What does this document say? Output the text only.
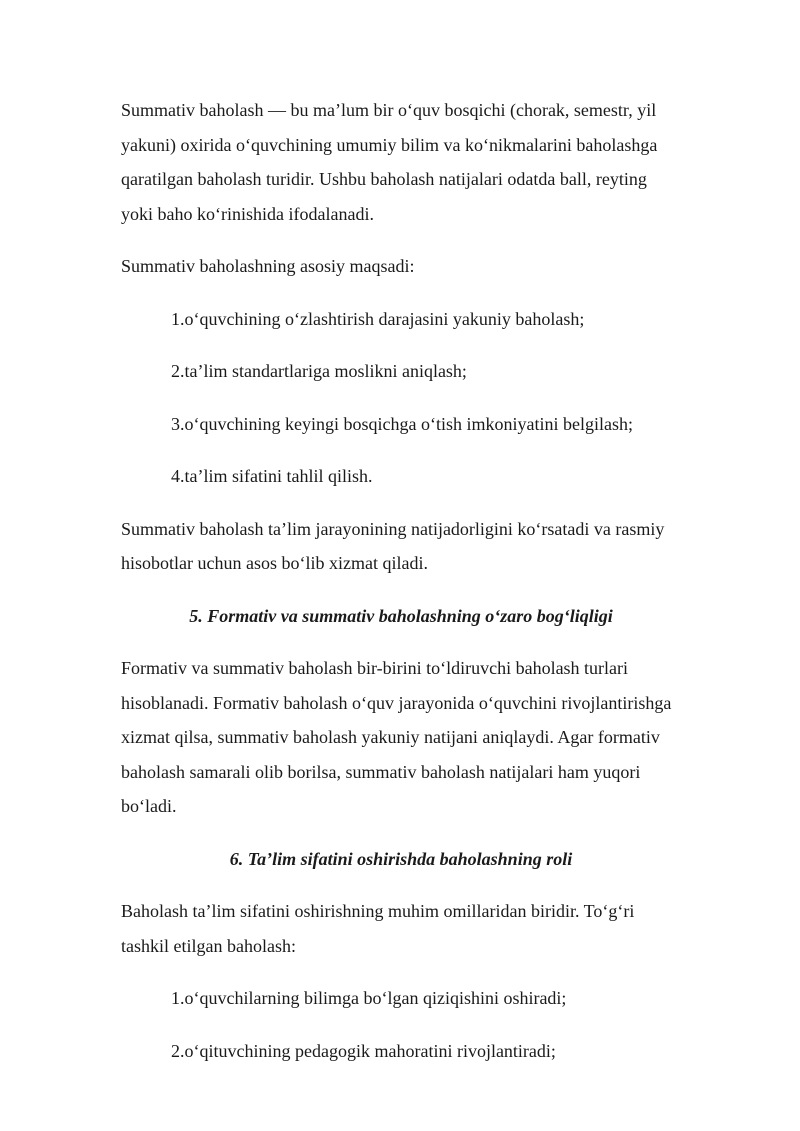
Summativ baholash — bu ma’lum bir o‘quv bosqichi (chorak, semestr, yil yakuni) oxirida o‘quvchining umumiy bilim va ko‘nikmalarini baholashga qaratilgan baholash turidir. Ushbu baholash natijalari odatda ball, reyting yoki baho ko‘rinishida ifodalanadi.

Summativ baholashning asosiy maqsadi:

1.o‘quvchining o‘zlashtirish darajasini yakuniy baholash;

2.ta’lim standartlariga moslikni aniqlash;

3.o‘quvchining keyingi bosqichga o‘tish imkoniyatini belgilash;

4.ta’lim sifatini tahlil qilish.

Summativ baholash ta’lim jarayonining natijadorligini ko‘rsatadi va rasmiy hisobotlar uchun asos bo‘lib xizmat qiladi.

5. Formativ va summativ baholashning o‘zaro bog‘liqligi

Formativ va summativ baholash bir-birini to‘ldiruvchi baholash turlari hisoblanadi. Formativ baholash o‘quv jarayonida o‘quvchini rivojlantirishga xizmat qilsa, summativ baholash yakuniy natijani aniqlaydi. Agar formativ baholash samarali olib borilsa, summativ baholash natijalari ham yuqori bo‘ladi.

6. Ta’lim sifatini oshirishda baholashning roli

Baholash ta’lim sifatini oshirishning muhim omillaridan biridir. To‘g‘ri tashkil etilgan baholash:

1.o‘quvchilarning bilimga bo‘lgan qiziqishini oshiradi;

2.o‘qituvchining pedagogik mahoratini rivojlantiradi;
